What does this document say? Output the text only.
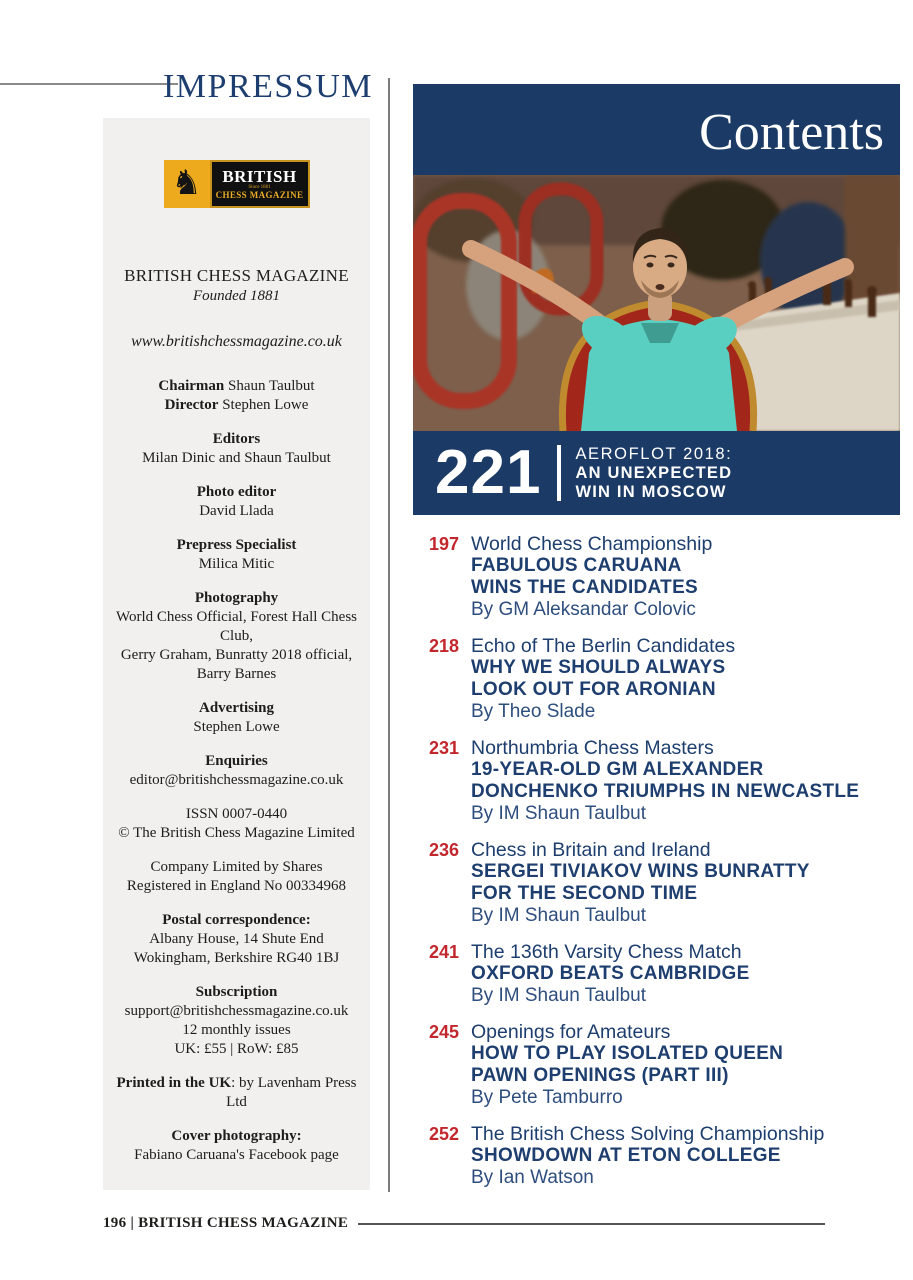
IMPRESSUM
♞	BRITISH
Since 1881
CHESS MAGAZINE
BRITISH CHESS MAGAZINE
Founded 1881
www.britishchessmagazine.co.uk
Chairman Shaun Taulbut
Director Stephen Lowe
Editors
Milan Dinic and Shaun Taulbut
Photo editor
David Llada
Prepress Specialist
Milica Mitic
Photography
World Chess Official, Forest Hall Chess Club,
Gerry Graham, Bunratty 2018 official,
Barry Barnes
Advertising
Stephen Lowe
Enquiries
editor@britishchessmagazine.co.uk
ISSN 0007-0440
© The British Chess Magazine Limited
Company Limited by Shares
Registered in England No 00334968
Postal correspondence:
Albany House, 14 Shute End
Wokingham, Berkshire RG40 1BJ
Subscription
support@britishchessmagazine.co.uk
12 monthly issues
UK: £55 | RoW: £85
Printed in the UK: by Lavenham Press Ltd
Cover photography:
Fabiano Caruana's Facebook page
Contents
221 AEROFLOT 2018:
AN UNEXPECTED
WIN IN MOSCOW
197 World Chess Championship
FABULOUS CARUANA
WINS THE CANDIDATES
By GM Aleksandar Colovic
218 Echo of The Berlin Candidates
WHY WE SHOULD ALWAYS
LOOK OUT FOR ARONIAN
By Theo Slade
231 Northumbria Chess Masters
19-YEAR-OLD GM ALEXANDER
DONCHENKO TRIUMPHS IN NEWCASTLE
By IM Shaun Taulbut
236 Chess in Britain and Ireland
SERGEI TIVIAKOV WINS BUNRATTY
FOR THE SECOND TIME
By IM Shaun Taulbut
241 The 136th Varsity Chess Match
OXFORD BEATS CAMBRIDGE
By IM Shaun Taulbut
245 Openings for Amateurs
HOW TO PLAY ISOLATED QUEEN
PAWN OPENINGS (PART III)
By Pete Tamburro
252 The British Chess Solving Championship
SHOWDOWN AT ETON COLLEGE
By Ian Watson
196 | BRITISH CHESS MAGAZINE
